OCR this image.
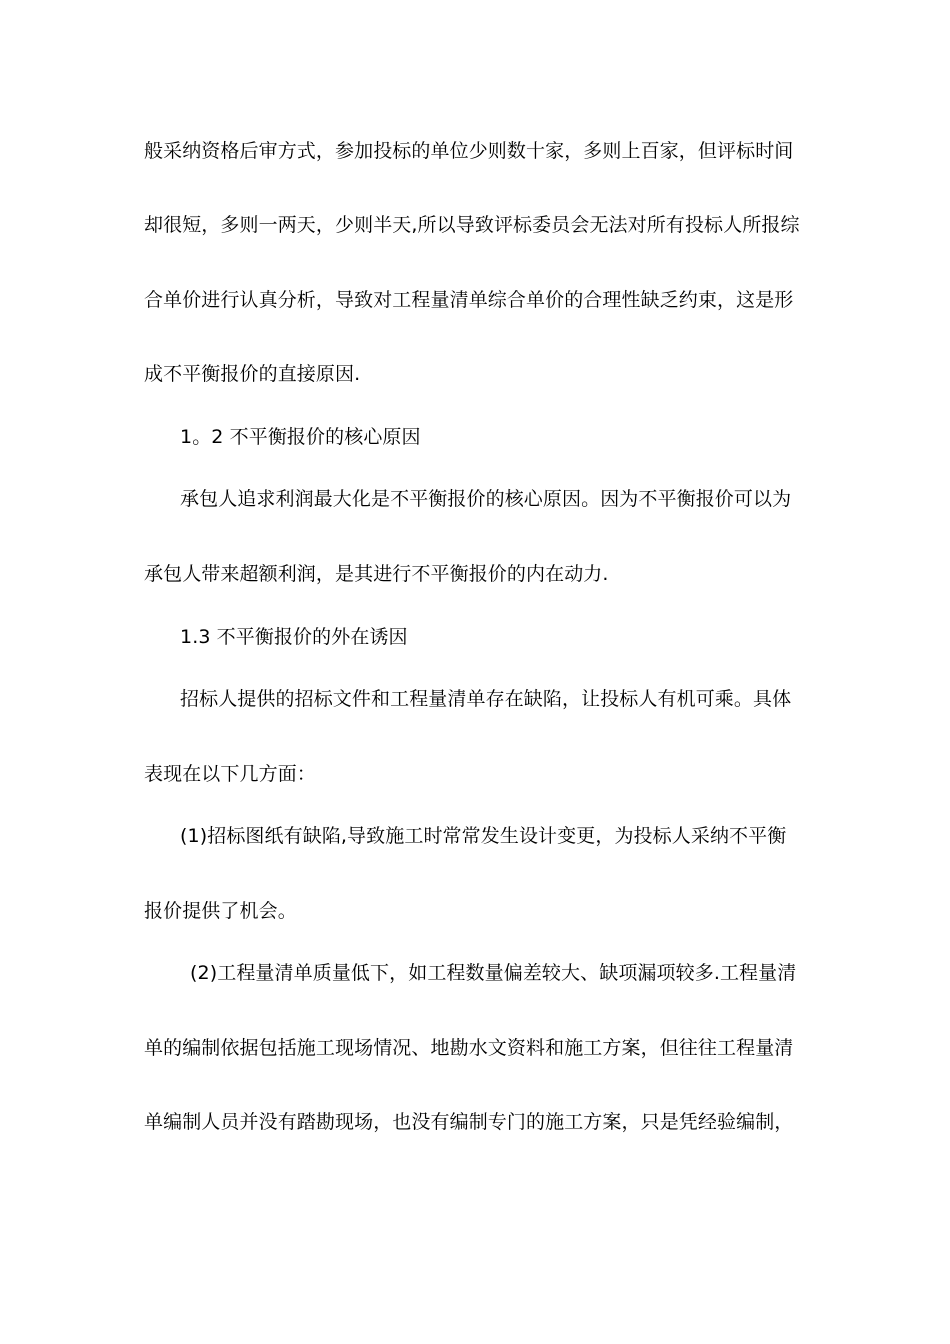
般采纳资格后审方式，参加投标的单位少则数十家，多则上百家，但评标时间
却很短，多则一两天，少则半天,所以导致评标委员会无法对所有投标人所报综
合单价进行认真分析，导致对工程量清单综合单价的合理性缺乏约束，这是形
成不平衡报价的直接原因.
1。2 不平衡报价的核心原因
承包人追求利润最大化是不平衡报价的核心原因。因为不平衡报价可以为
承包人带来超额利润，是其进行不平衡报价的内在动力.
1.3 不平衡报价的外在诱因
招标人提供的招标文件和工程量清单存在缺陷，让投标人有机可乘。具体
表现在以下几方面：
(1)招标图纸有缺陷,导致施工时常常发生设计变更，为投标人采纳不平衡
报价提供了机会。
(2)工程量清单质量低下，如工程数量偏差较大、缺项漏项较多.工程量清
单的编制依据包括施工现场情况、地勘水文资料和施工方案，但往往工程量清
单编制人员并没有踏勘现场，也没有编制专门的施工方案，只是凭经验编制，
